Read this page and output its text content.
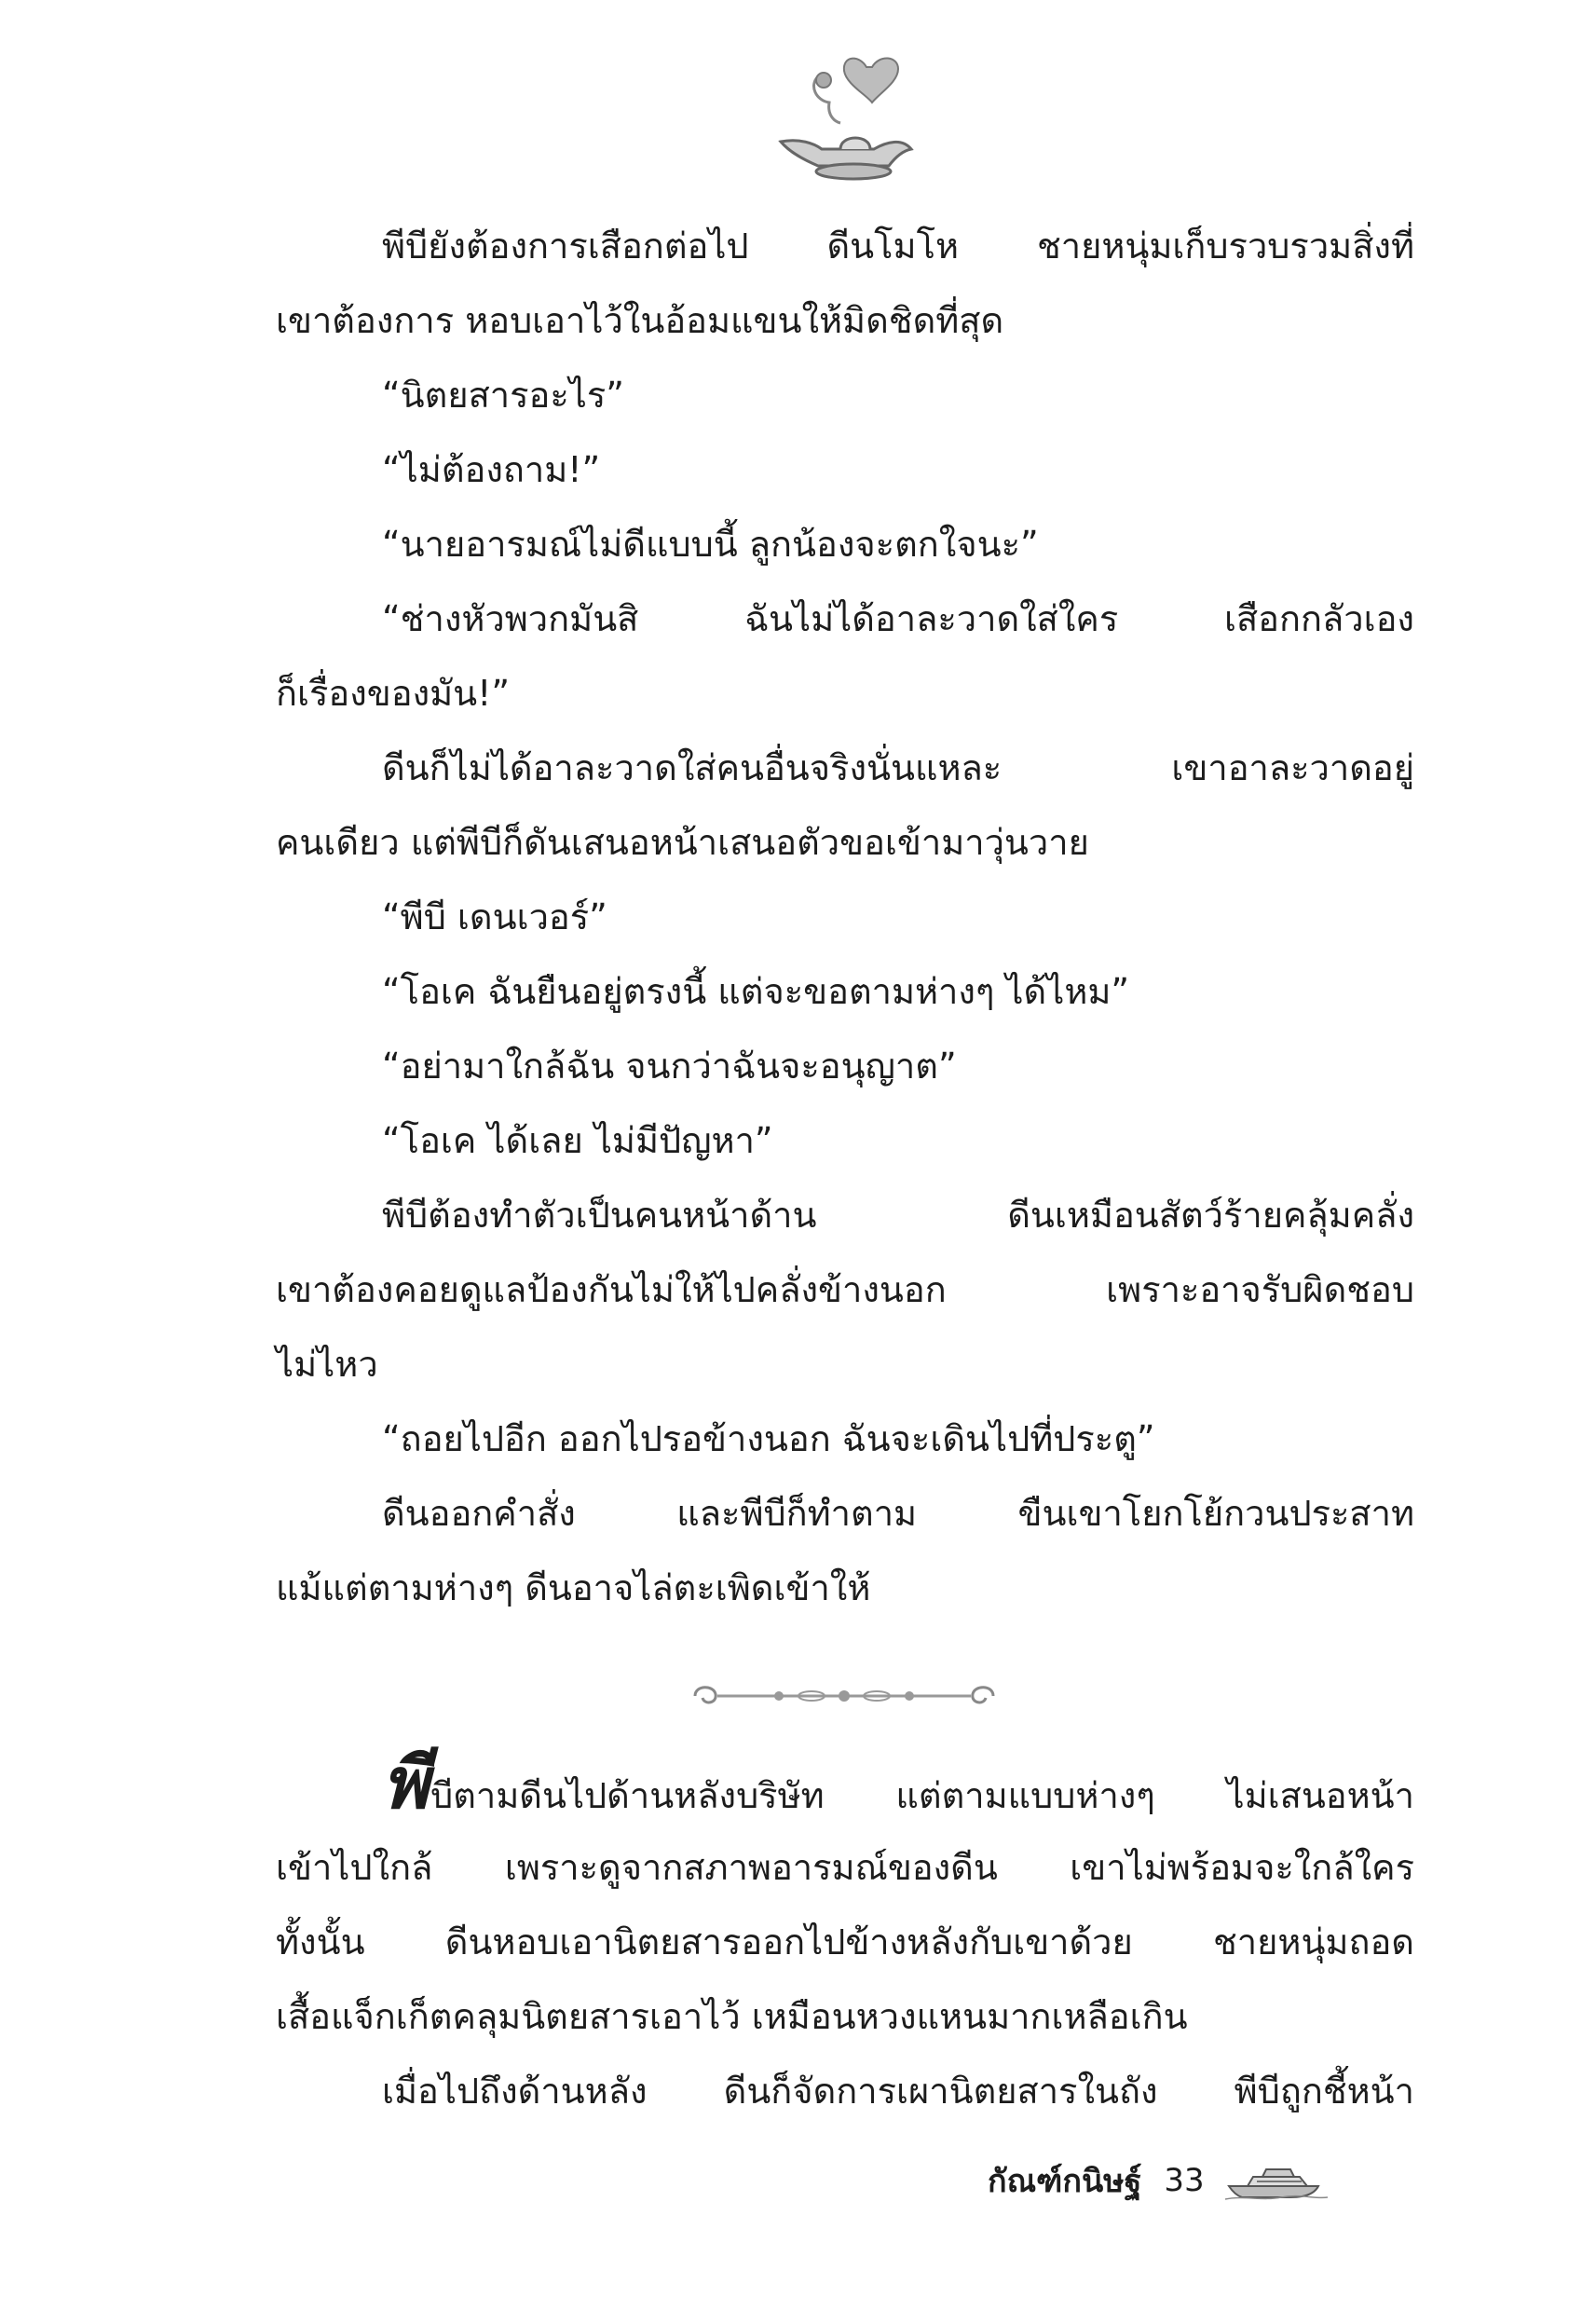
พีบียังต้องการเสือกต่อไป ดีนโมโห ชายหนุ่มเก็บรวบรวมสิ่งที่
เขาต้องการ หอบเอาไว้ในอ้อมแขนให้มิดชิดที่สุด
“นิตยสารอะไร”
“ไม่ต้องถาม!”
“นายอารมณ์ไม่ดีแบบนี้ ลูกน้องจะตกใจนะ”
“ช่างหัวพวกมันสิ ฉันไม่ได้อาละวาดใส่ใคร เสือกกลัวเอง
ก็เรื่องของมัน!”
ดีนก็ไม่ได้อาละวาดใส่คนอื่นจริงนั่นแหละ เขาอาละวาดอยู่
คนเดียว แต่พีบีก็ดันเสนอหน้าเสนอตัวขอเข้ามาวุ่นวาย
“พีบี เดนเวอร์”
“โอเค ฉันยืนอยู่ตรงนี้ แต่จะขอตามห่างๆ ได้ไหม”
“อย่ามาใกล้ฉัน จนกว่าฉันจะอนุญาต”
“โอเค ได้เลย ไม่มีปัญหา”
พีบีต้องทำตัวเป็นคนหน้าด้าน ดีนเหมือนสัตว์ร้ายคลุ้มคลั่ง
เขาต้องคอยดูแลป้องกันไม่ให้ไปคลั่งข้างนอก เพราะอาจรับผิดชอบ
ไม่ไหว
“ถอยไปอีก ออกไปรอข้างนอก ฉันจะเดินไปที่ประตู”
ดีนออกคำสั่ง และพีบีก็ทำตาม ขืนเขาโยกโย้กวนประสาท
แม้แต่ตามห่างๆ ดีนอาจไล่ตะเพิดเข้าให้
พีบีตามดีนไปด้านหลังบริษัท แต่ตามแบบห่างๆ ไม่เสนอหน้า
เข้าไปใกล้ เพราะดูจากสภาพอารมณ์ของดีน เขาไม่พร้อมจะใกล้ใคร
ทั้งนั้น ดีนหอบเอานิตยสารออกไปข้างหลังกับเขาด้วย ชายหนุ่มถอด
เสื้อแจ็กเก็ตคลุมนิตยสารเอาไว้ เหมือนหวงแหนมากเหลือเกิน
เมื่อไปถึงด้านหลัง ดีนก็จัดการเผานิตยสารในถัง พีบีถูกชี้หน้า
กัณฑ์กนิษฐ์ 33
